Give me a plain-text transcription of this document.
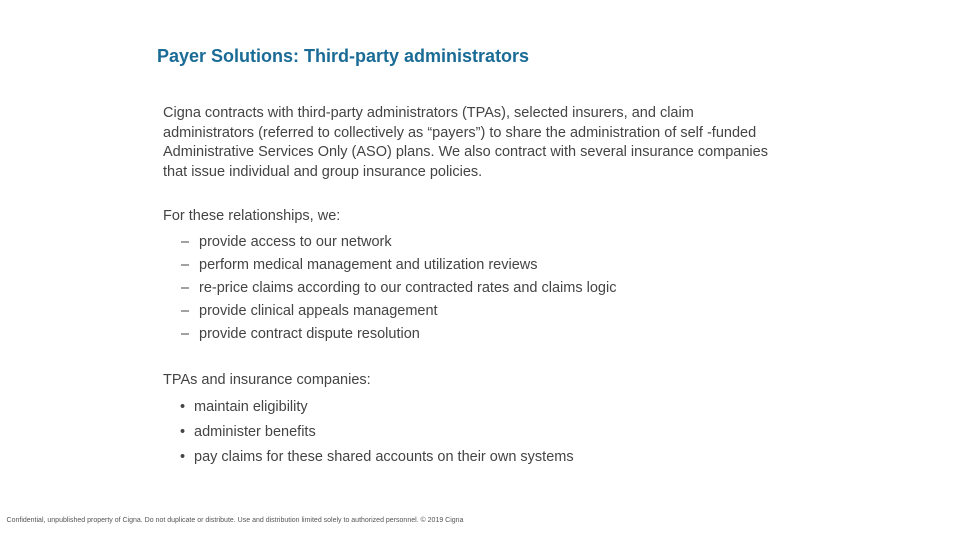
Payer Solutions: Third-party administrators

Cigna contracts with third-party administrators (TPAs), selected insurers, and claim administrators (referred to collectively as “payers”) to share the administration of self -funded Administrative Services Only (ASO) plans. We also contract with several insurance companies that issue individual and group insurance policies.

For these relationships, we:
– provide access to our network
– perform medical management and utilization reviews
– re-price claims according to our contracted rates and claims logic
– provide clinical appeals management
– provide contract dispute resolution
TPAs and insurance companies:
• maintain eligibility
• administer benefits
• pay claims for these shared accounts on their own systems
Confidential, unpublished property of Cigna. Do not duplicate or distribute. Use and distribution limited solely to authorized personnel. © 2019 Cigna
